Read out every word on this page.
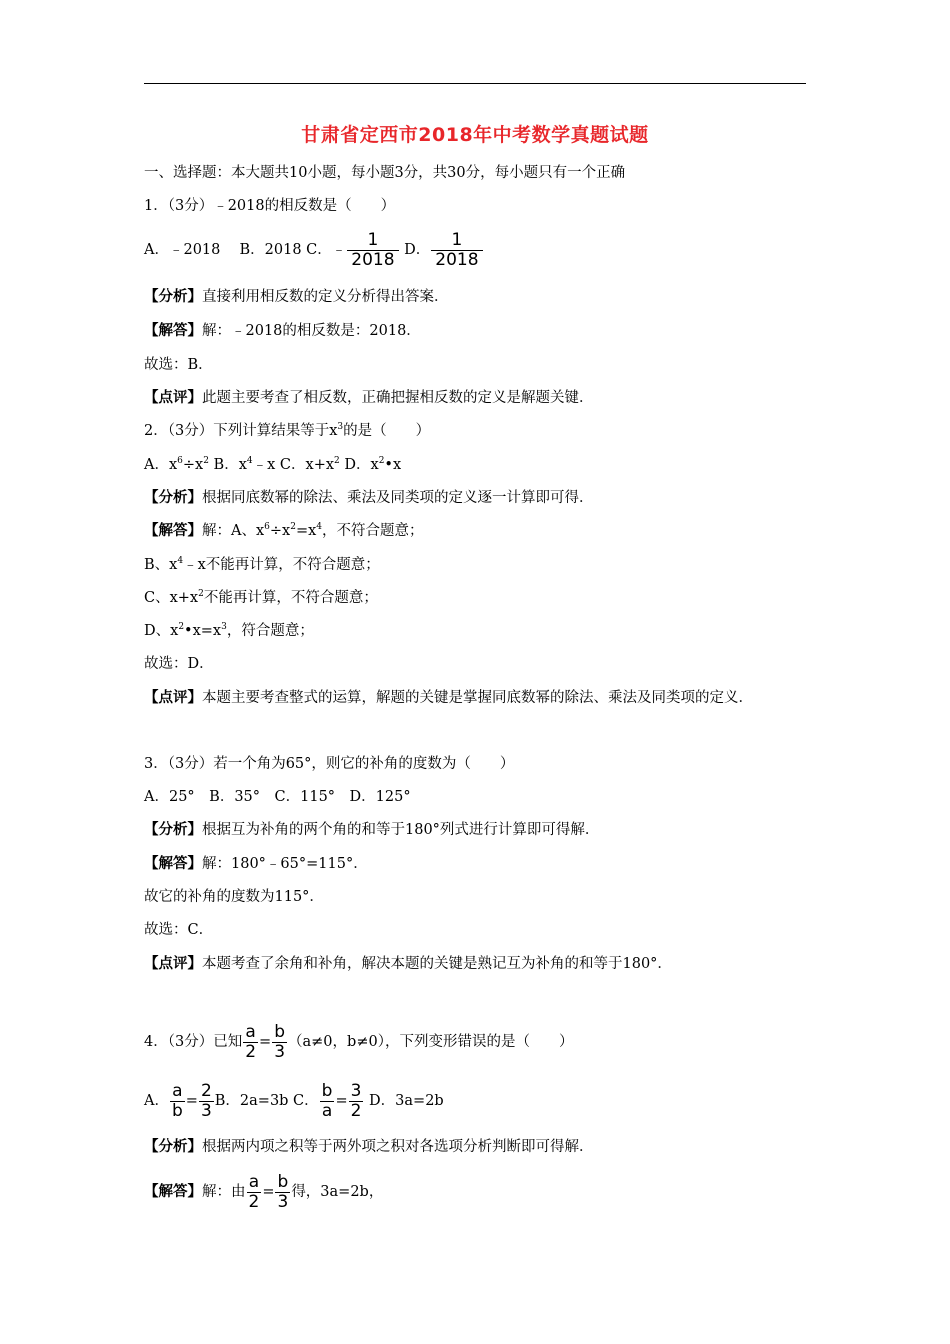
甘肃省定西市2018年中考数学真题试题
一、选择题：本大题共10小题，每小题3分，共30分，每小题只有一个正确
1．（3分）﹣2018的相反数是（　　）
A．﹣2018　 B．2018 C．﹣ $\frac{1}{2018}$ D． $\frac{1}{2018}$
【分析】直接利用相反数的定义分析得出答案．
【解答】解：﹣2018的相反数是：2018．
故选：B．
【点评】此题主要考查了相反数，正确把握相反数的定义是解题关键．
2．（3分）下列计算结果等于$x^3$的是（　　）
A．$x^6\div x^2$ B．$x^4﹣x$ C．$x+x^2$ D．$x^2•x$
【分析】根据同底数幂的除法、乘法及同类项的定义逐一计算即可得．
【解答】解：A、$x^6\div x^2=x^4$，不符合题意；
B、$x^4﹣x$不能再计算，不符合题意；
C、$x+x^2$不能再计算，不符合题意；
D、$x^2•x=x^3$，符合题意；
故选：D．
【点评】本题主要考查整式的运算，解题的关键是掌握同底数幂的除法、乘法及同类项的定义．
3．（3分）若一个角为65°，则它的补角的度数为（　　）
A．25°　B．35°　C．115°　D．125°
【分析】根据互为补角的两个角的和等于180°列式进行计算即可得解．
【解答】解：180°﹣65°=115°．
故它的补角的度数为115°．
故选：C．
【点评】本题考查了余角和补角，解决本题的关键是熟记互为补角的和等于180°．
4．（3分）已知 $\frac{a}{2} = \frac{b}{3} (a\ne 0$，b≠0），下列变形错误的是（　　）
A． $\frac{a}{b} = \frac{2}{3}$ B．2a=3b C． $\frac{b}{a} = \frac{3}{2}$ D．3a=2b
【分析】根据两内项之积等于两外项之积对各选项分析判断即可得解．
【解答】解：由 $\frac{a}{2} = \frac{b}{3}$ 得，3a=2b，
